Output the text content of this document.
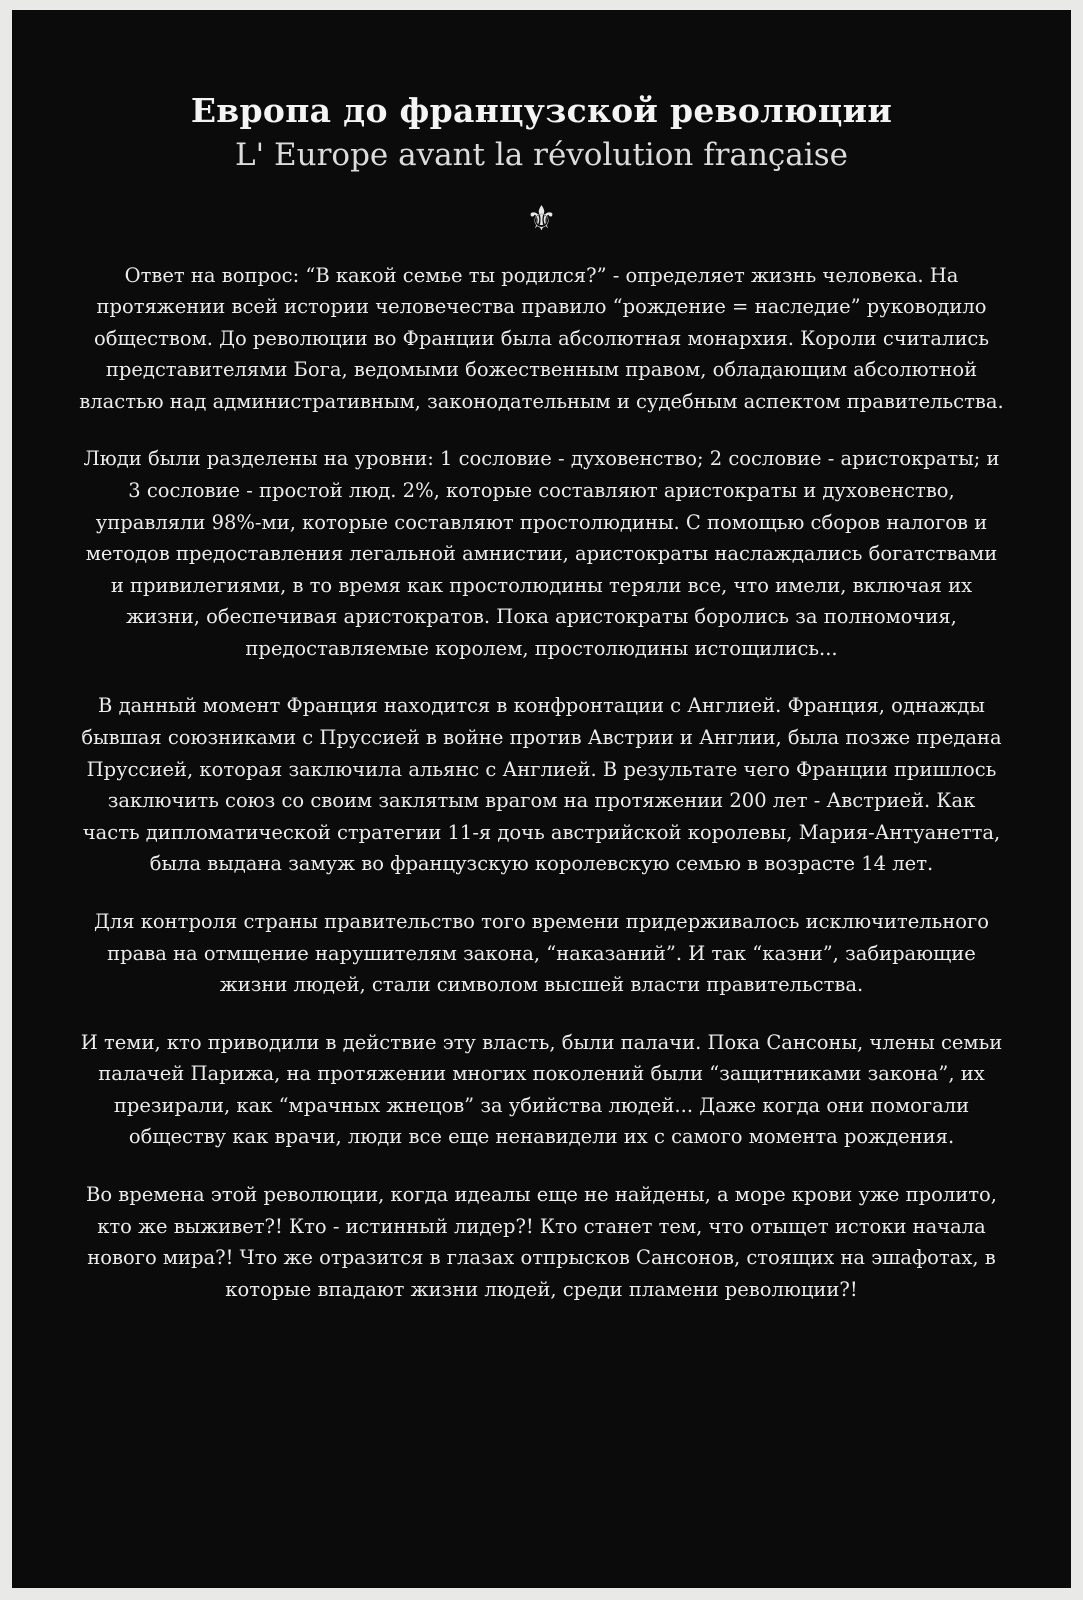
Европа до французской революции
L' Europe avant la révolution française
⚜

Ответ на вопрос: “В какой семье ты родился?” - определяет жизнь человека. На протяжении всей истории человечества правило “рождение = наследие” руководило обществом. До революции во Франции была абсолютная монархия. Короли считались представителями Бога, ведомыми божественным правом, обладающим абсолютной властью над административным, законодательным и судебным аспектом правительства.

Люди были разделены на уровни: 1 сословие - духовенство; 2 сословие - аристократы; и 3 сословие - простой люд. 2%, которые составляют аристократы и духовенство, управляли 98%-ми, которые составляют простолюдины. С помощью сборов налогов и методов предоставления легальной амнистии, аристократы наслаждались богатствами и привилегиями, в то время как простолюдины теряли все, что имели, включая их жизни, обеспечивая аристократов. Пока аристократы боролись за полномочия, предоставляемые королем, простолюдины истощились...

В данный момент Франция находится в конфронтации с Англией. Франция, однажды бывшая союзниками с Пруссией в войне против Австрии и Англии, была позже предана Пруссией, которая заключила альянс с Англией. В результате чего Франции пришлось заключить союз со своим заклятым врагом на протяжении 200 лет - Австрией. Как часть дипломатической стратегии 11-я дочь австрийской королевы, Мария-Антуанетта, была выдана замуж во французскую королевскую семью в возрасте 14 лет.

Для контроля страны правительство того времени придерживалось исключительного права на отмщение нарушителям закона, “наказаний”. И так “казни”, забирающие жизни людей, стали символом высшей власти правительства.

И теми, кто приводили в действие эту власть, были палачи. Пока Сансоны, члены семьи палачей Парижа, на протяжении многих поколений были “защитниками закона”, их презирали, как “мрачных жнецов” за убийства людей... Даже когда они помогали обществу как врачи, люди все еще ненавидели их с самого момента рождения.

Во времена этой революции, когда идеалы еще не найдены, а море крови уже пролито, кто же выживет?! Кто - истинный лидер?! Кто станет тем, что отыщет истоки начала нового мира?! Что же отразится в глазах отпрысков Сансонов, стоящих на эшафотах, в которые впадают жизни людей, среди пламени революции?!
